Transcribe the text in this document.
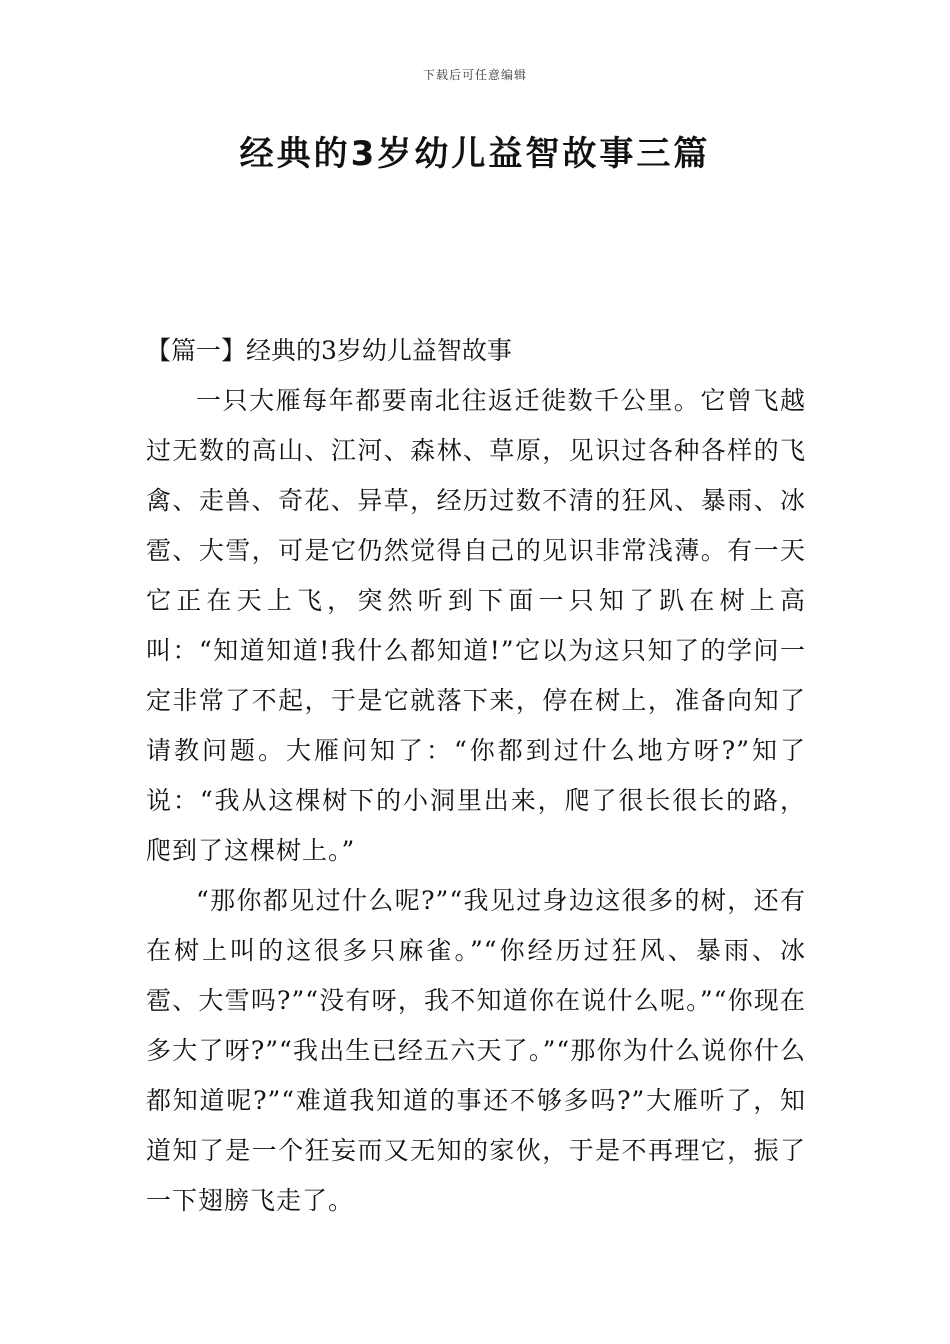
下载后可任意编辑
经典的3岁幼儿益智故事三篇
【篇一】经典的3岁幼儿益智故事

一只大雁每年都要南北往返迁徙数千公里。它曾飞越过无数的高山、江河、森林、草原，见识过各种各样的飞禽、走兽、奇花、异草，经历过数不清的狂风、暴雨、冰雹、大雪，可是它仍然觉得自己的见识非常浅薄。有一天它正在天上飞，突然听到下面一只知了趴在树上高叫：“知道知道!我什么都知道!”它以为这只知了的学问一定非常了不起，于是它就落下来，停在树上，准备向知了请教问题。大雁问知了：“你都到过什么地方呀?”知了说：“我从这棵树下的小洞里出来，爬了很长很长的路，爬到了这棵树上。”

“那你都见过什么呢?”“我见过身边这很多的树，还有在树上叫的这很多只麻雀。”“你经历过狂风、暴雨、冰雹、大雪吗?”“没有呀，我不知道你在说什么呢。”“你现在多大了呀?”“我出生已经五六天了。”“那你为什么说你什么都知道呢?”“难道我知道的事还不够多吗?”大雁听了，知道知了是一个狂妄而又无知的家伙，于是不再理它，振了一下翅膀飞走了。
